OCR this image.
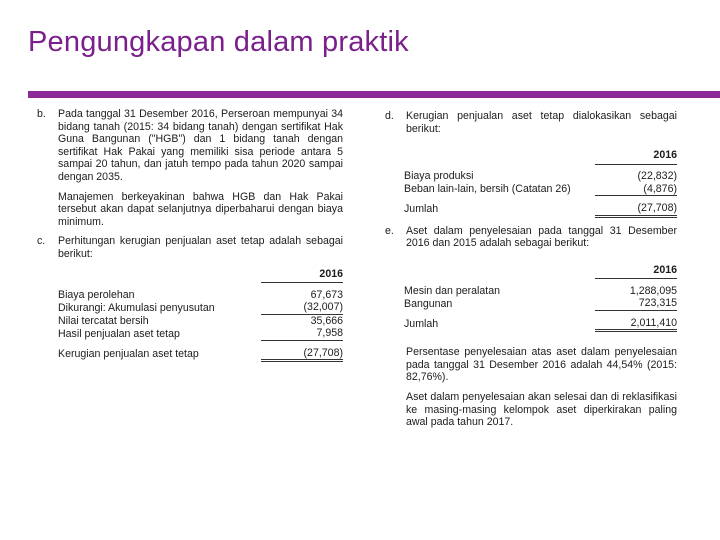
Pengungkapan dalam praktik
b.	Pada tanggal 31 Desember 2016, Perseroan mempunyai 34 bidang tanah (2015: 34 bidang tanah) dengan sertifikat Hak Guna Bangunan ("HGB") dan 1 bidang tanah dengan sertifikat Hak Pakai yang memiliki sisa periode antara 5 sampai 20 tahun, dan jatuh tempo pada tahun 2020 sampai dengan 2035.
Manajemen berkeyakinan bahwa HGB dan Hak Pakai tersebut akan dapat selanjutnya diperbaharui dengan biaya minimum.
c.	Perhitungan kerugian penjualan aset tetap adalah sebagai berikut:
	2016

Biaya perolehan	67,673
Dikurangi: Akumulasi penyusutan	(32,007)
Nilai tercatat bersih	35,666
Hasil penjualan aset tetap	7,958

Kerugian penjualan aset tetap	(27,708)
d.	Kerugian penjualan aset tetap dialokasikan sebagai berikut:
	2016

Biaya produksi	(22,832)
Beban lain-lain, bersih (Catatan 26)	(4,876)

Jumlah	(27,708)
e.	Aset dalam penyelesaian pada tanggal 31 Desember 2016 dan 2015 adalah sebagai berikut:
	2016

Mesin dan peralatan	1,288,095
Bangunan	723,315

Jumlah	2,011,410
Persentase penyelesaian atas aset dalam penyelesaian pada tanggal 31 Desember 2016 adalah 44,54% (2015: 82,76%).
Aset dalam penyelesaian akan selesai dan di reklasifikasi ke masing-masing kelompok aset diperkirakan paling awal pada tahun 2017.
